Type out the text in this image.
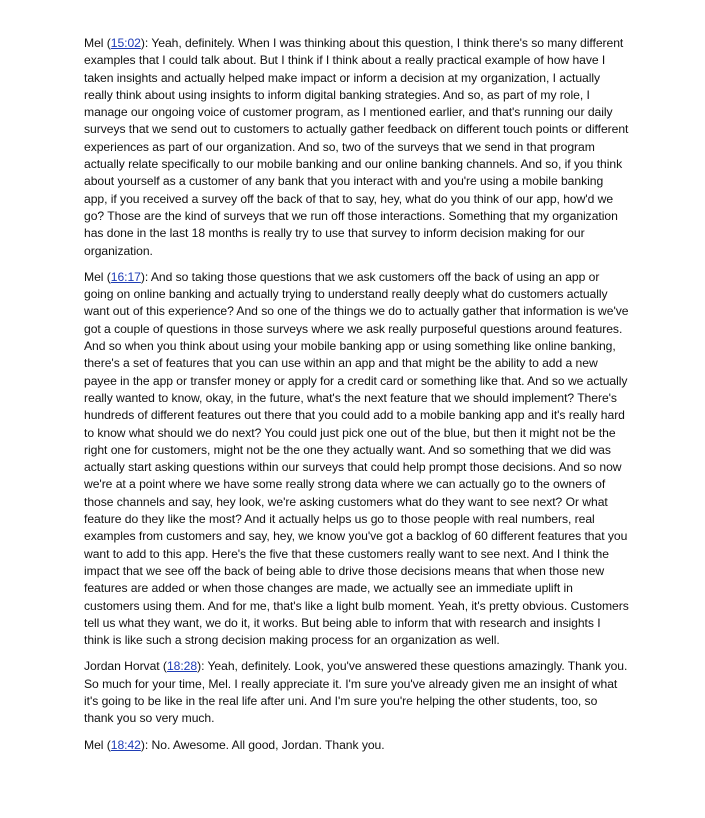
Mel (15:02): Yeah, definitely. When I was thinking about this question, I think there's so many different examples that I could talk about. But I think if I think about a really practical example of how have I taken insights and actually helped make impact or inform a decision at my organization, I actually really think about using insights to inform digital banking strategies. And so, as part of my role, I manage our ongoing voice of customer program, as I mentioned earlier, and that's running our daily surveys that we send out to customers to actually gather feedback on different touch points or different experiences as part of our organization. And so, two of the surveys that we send in that program actually relate specifically to our mobile banking and our online banking channels. And so, if you think about yourself as a customer of any bank that you interact with and you're using a mobile banking app, if you received a survey off the back of that to say, hey, what do you think of our app, how'd we go? Those are the kind of surveys that we run off those interactions. Something that my organization has done in the last 18 months is really try to use that survey to inform decision making for our organization.

Mel (16:17): And so taking those questions that we ask customers off the back of using an app or going on online banking and actually trying to understand really deeply what do customers actually want out of this experience? And so one of the things we do to actually gather that information is we've got a couple of questions in those surveys where we ask really purposeful questions around features. And so when you think about using your mobile banking app or using something like online banking, there's a set of features that you can use within an app and that might be the ability to add a new payee in the app or transfer money or apply for a credit card or something like that. And so we actually really wanted to know, okay, in the future, what's the next feature that we should implement? There's hundreds of different features out there that you could add to a mobile banking app and it's really hard to know what should we do next? You could just pick one out of the blue, but then it might not be the right one for customers, might not be the one they actually want. And so something that we did was actually start asking questions within our surveys that could help prompt those decisions. And so now we're at a point where we have some really strong data where we can actually go to the owners of those channels and say, hey look, we're asking customers what do they want to see next? Or what feature do they like the most? And it actually helps us go to those people with real numbers, real examples from customers and say, hey, we know you've got a backlog of 60 different features that you want to add to this app. Here's the five that these customers really want to see next. And I think the impact that we see off the back of being able to drive those decisions means that when those new features are added or when those changes are made, we actually see an immediate uplift in customers using them. And for me, that's like a light bulb moment. Yeah, it's pretty obvious. Customers tell us what they want, we do it, it works. But being able to inform that with research and insights I think is like such a strong decision making process for an organization as well.

Jordan Horvat (18:28): Yeah, definitely. Look, you've answered these questions amazingly. Thank you. So much for your time, Mel. I really appreciate it. I'm sure you've already given me an insight of what it's going to be like in the real life after uni. And I'm sure you're helping the other students, too, so thank you so very much.

Mel (18:42): No. Awesome. All good, Jordan. Thank you.
